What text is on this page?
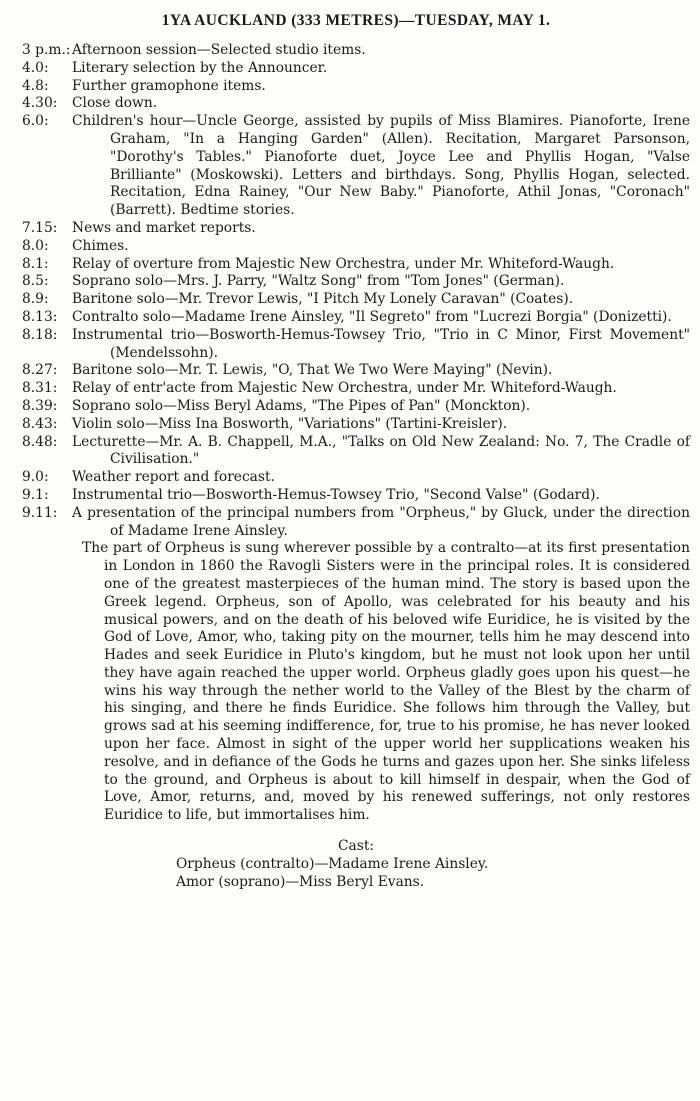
1YA AUCKLAND (333 METRES)—TUESDAY, MAY 1.
3 p.m.: Afternoon session—Selected studio items.
4.0:	Literary selection by the Announcer.
4.8:	Further gramophone items.
4.30:	Close down.
6.0:	Children's hour—Uncle George, assisted by pupils of Miss Blamires. Pianoforte, Irene Graham, "In a Hanging Garden" (Allen). Recitation, Margaret Parsonson, "Dorothy's Tables." Pianoforte duet, Joyce Lee and Phyllis Hogan, "Valse Brilliante" (Moskowski). Letters and birthdays. Song, Phyllis Hogan, selected. Recitation, Edna Rainey, "Our New Baby." Pianoforte, Athil Jonas, "Coronach" (Barrett). Bedtime stories.
7.15:	News and market reports.
8.0:	Chimes.
8.1:	Relay of overture from Majestic New Orchestra, under Mr. Whiteford-Waugh.
8.5:	Soprano solo—Mrs. J. Parry, "Waltz Song" from "Tom Jones" (German).
8.9:	Baritone solo—Mr. Trevor Lewis, "I Pitch My Lonely Caravan" (Coates).
8.13:	Contralto solo—Madame Irene Ainsley, "Il Segreto" from "Lucrezi Borgia" (Donizetti).
8.18:	Instrumental trio—Bosworth-Hemus-Towsey Trio, "Trio in C Minor, First Movement" (Mendelssohn).
8.27:	Baritone solo—Mr. T. Lewis, "O, That We Two Were Maying" (Nevin).
8.31:	Relay of entr'acte from Majestic New Orchestra, under Mr. Whiteford-Waugh.
8.39:	Soprano solo—Miss Beryl Adams, "The Pipes of Pan" (Monckton).
8.43:	Violin solo—Miss Ina Bosworth, "Variations" (Tartini-Kreisler).
8.48:	Lecturette—Mr. A. B. Chappell, M.A., "Talks on Old New Zealand: No. 7, The Cradle of Civilisation."
9.0:	Weather report and forecast.
9.1:	Instrumental trio—Bosworth-Hemus-Towsey Trio, "Second Valse" (Godard).
9.11:	A presentation of the principal numbers from "Orpheus," by Gluck, under the direction of Madame Irene Ainsley.

The part of Orpheus is sung wherever possible by a contralto—at its first presentation in London in 1860 the Ravogli Sisters were in the principal roles. It is considered one of the greatest masterpieces of the human mind. The story is based upon the Greek legend. Orpheus, son of Apollo, was celebrated for his beauty and his musical powers, and on the death of his beloved wife Euridice, he is visited by the God of Love, Amor, who, taking pity on the mourner, tells him he may descend into Hades and seek Euridice in Pluto's kingdom, but he must not look upon her until they have again reached the upper world. Orpheus gladly goes upon his quest—he wins his way through the nether world to the Valley of the Blest by the charm of his singing, and there he finds Euridice. She follows him through the Valley, but grows sad at his seeming indifference, for, true to his promise, he has never looked upon her face. Almost in sight of the upper world her supplications weaken his resolve, and in defiance of the Gods he turns and gazes upon her. She sinks lifeless to the ground, and Orpheus is about to kill himself in despair, when the God of Love, Amor, returns, and, moved by his renewed sufferings, not only restores Euridice to life, but immortalises him.

Cast:
Orpheus (contralto)—Madame Irene Ainsley.
Amor (soprano)—Miss Beryl Evans.
